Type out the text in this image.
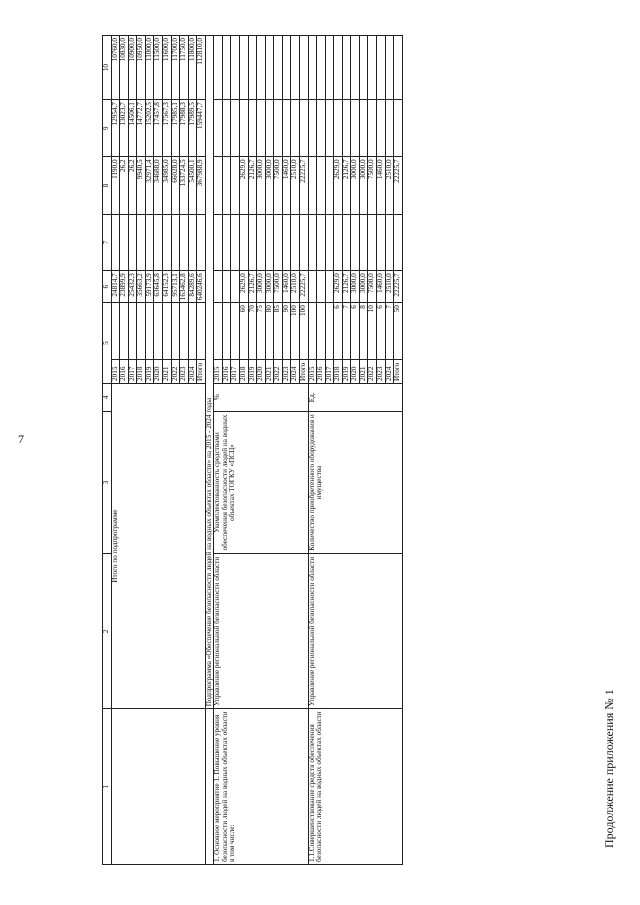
7
Продолжение приложения № 1
1	2	3	4	5		6	7	8	9	10
	Итого по подпрограмме			2015		24814,7		1190,0	12954,7	10760,0
				2016		23899,9		26,2	13023,7	10830,0
				2017		25432,3		26,2	14506,1	10900,0
				2018		35663,2		9940,5	14772,7	10950,0
				2019		59173,9		32971,4	15202,5	11000,0
				2020		63645,8		34688,0	17457,8	11500,0
				2021		64152,3		34985,0	17567,3	11600,0
				2022		95713,1		66028,0	17985,1	11700,0
				2023		163462,8		133724,5	17988,3	11750,0
				2024		84289,6		54500,1	17989,5	11800,0
				Итого		640246,6		367988,9	159447,7	112810,0
	Подпрограмма «Обеспечение безопасности людей на водных объектах области» на 2015 - 2024 годы									
1. Основное мероприятие 1. Повышение уровня безопасности людей на водных объектах области в том числе:	Управление региональной безопасности области	Укомплектованность средствами обеспечения безопасности людей на водных объектах ТОГКУ «ПСЦ»	%	2015						
				2016						
				2017						
				2018	60	2629,0		2629,0		
				2019	70	2126,7		2126,7		
				2020	75	3000,0		3000,0		
				2021	80	3000,0		3000,0		
				2022	85	7500,0		7500,0		
				2023	90	1460,0		1460,0		
				2024	100	2510,0		2510,0		
				Итого	100	22225,7		22225,7		
1.1.Совершенствование средств обеспечения безопасности людей на водных объектах области	Управление региональной безопасности области	Количество приобретенного оборудования и имущества	Ед.	2015						
				2016						
				2017						
				2018	6	2629,0		2629,0		
				2019	7	2126,7		2126,7		
				2020	6	3000,0		3000,0		
				2021	8	3000,0		3000,0		
				2022	10	7500,0		7500,0		
				2023	6	1460,0		1460,0		
				2024	7	2510,0		2510,0		
				Итого	50	22225,7		22225,7		
